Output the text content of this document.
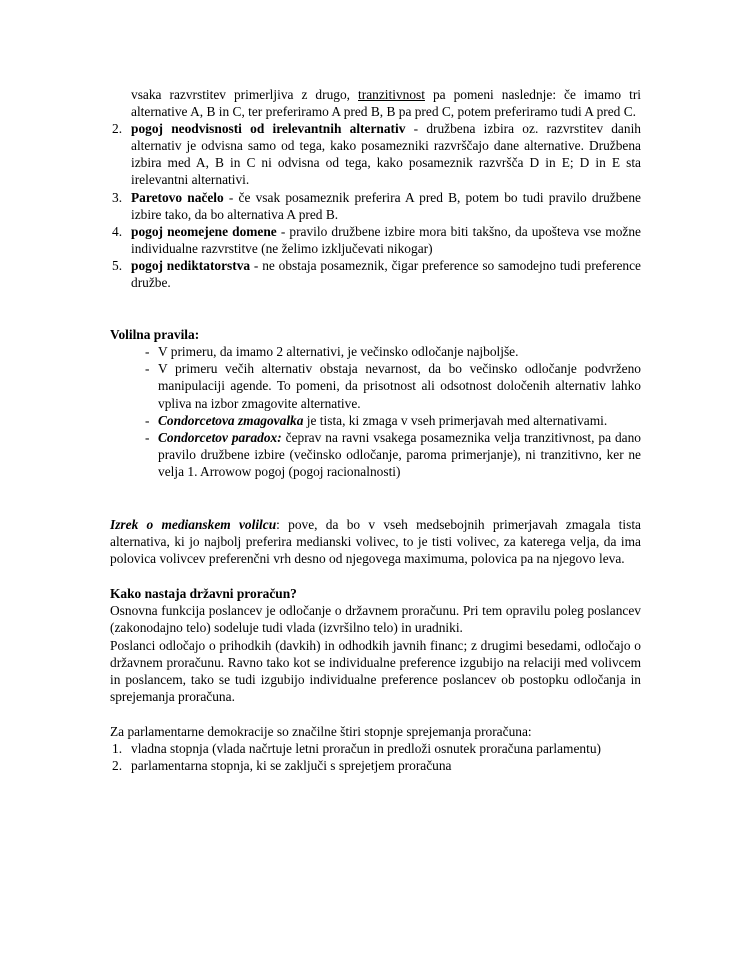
vsaka razvrstitev primerljiva z drugo, tranzitivnost pa pomeni naslednje: če imamo tri alternative A, B in C, ter preferiramo A pred B, B pa pred C, potem preferiramo tudi A pred C.

2. pogoj neodvisnosti od irelevantnih alternativ - družbena izbira oz. razvrstitev danih alternativ je odvisna samo od tega, kako posamezniki razvrščajo dane alternative. Družbena izbira med A, B in C ni odvisna od tega, kako posameznik razvršča D in E; D in E sta irelevantni alternativi.
3. Paretovo načelo - če vsak posameznik preferira A pred B, potem bo tudi pravilo družbene izbire tako, da bo alternativa A pred B.
4. pogoj neomejene domene - pravilo družbene izbire mora biti takšno, da upošteva vse možne individualne razvrstitve (ne želimo izključevati nikogar)
5. pogoj nediktatorstva - ne obstaja posameznik, čigar preference so samodejno tudi preference družbe.

Volilna pravila:

- V primeru, da imamo 2 alternativi, je večinsko odločanje najboljše.
- V primeru večih alternativ obstaja nevarnost, da bo večinsko odločanje podvrženo manipulaciji agende. To pomeni, da prisotnost ali odsotnost določenih alternativ lahko vpliva na izbor zmagovite alternative.
- Condorcetova zmagovalka je tista, ki zmaga v vseh primerjavah med alternativami.
- Condorcetov paradox: čeprav na ravni vsakega posameznika velja tranzitivnost, pa dano pravilo družbene izbire (večinsko odločanje, paroma primerjanje), ni tranzitivno, ker ne velja 1. Arrowow pogoj (pogoj racionalnosti)

Izrek o medianskem volilcu: pove, da bo v vseh medsebojnih primerjavah zmagala tista alternativa, ki jo najbolj preferira medianski volivec, to je tisti volivec, za katerega velja, da ima polovica volivcev preferenčni vrh desno od njegovega maximuma, polovica pa na njegovo leva.

Kako nastaja državni proračun?

Osnovna funkcija poslancev je odločanje o državnem proračunu. Pri tem opravilu poleg poslancev (zakonodajno telo) sodeluje tudi vlada (izvršilno telo) in uradniki.

Poslanci odločajo o prihodkih (davkih) in odhodkih javnih financ; z drugimi besedami, odločajo o državnem proračunu. Ravno tako kot se individualne preference izgubijo na relaciji med volivcem in poslancem, tako se tudi izgubijo individualne preference poslancev ob postopku odločanja in sprejemanja proračuna.

Za parlamentarne demokracije so značilne štiri stopnje sprejemanja proračuna:

1. vladna stopnja (vlada načrtuje letni proračun in predloži osnutek proračuna parlamentu)
2. parlamentarna stopnja, ki se zaključi s sprejetjem proračuna
